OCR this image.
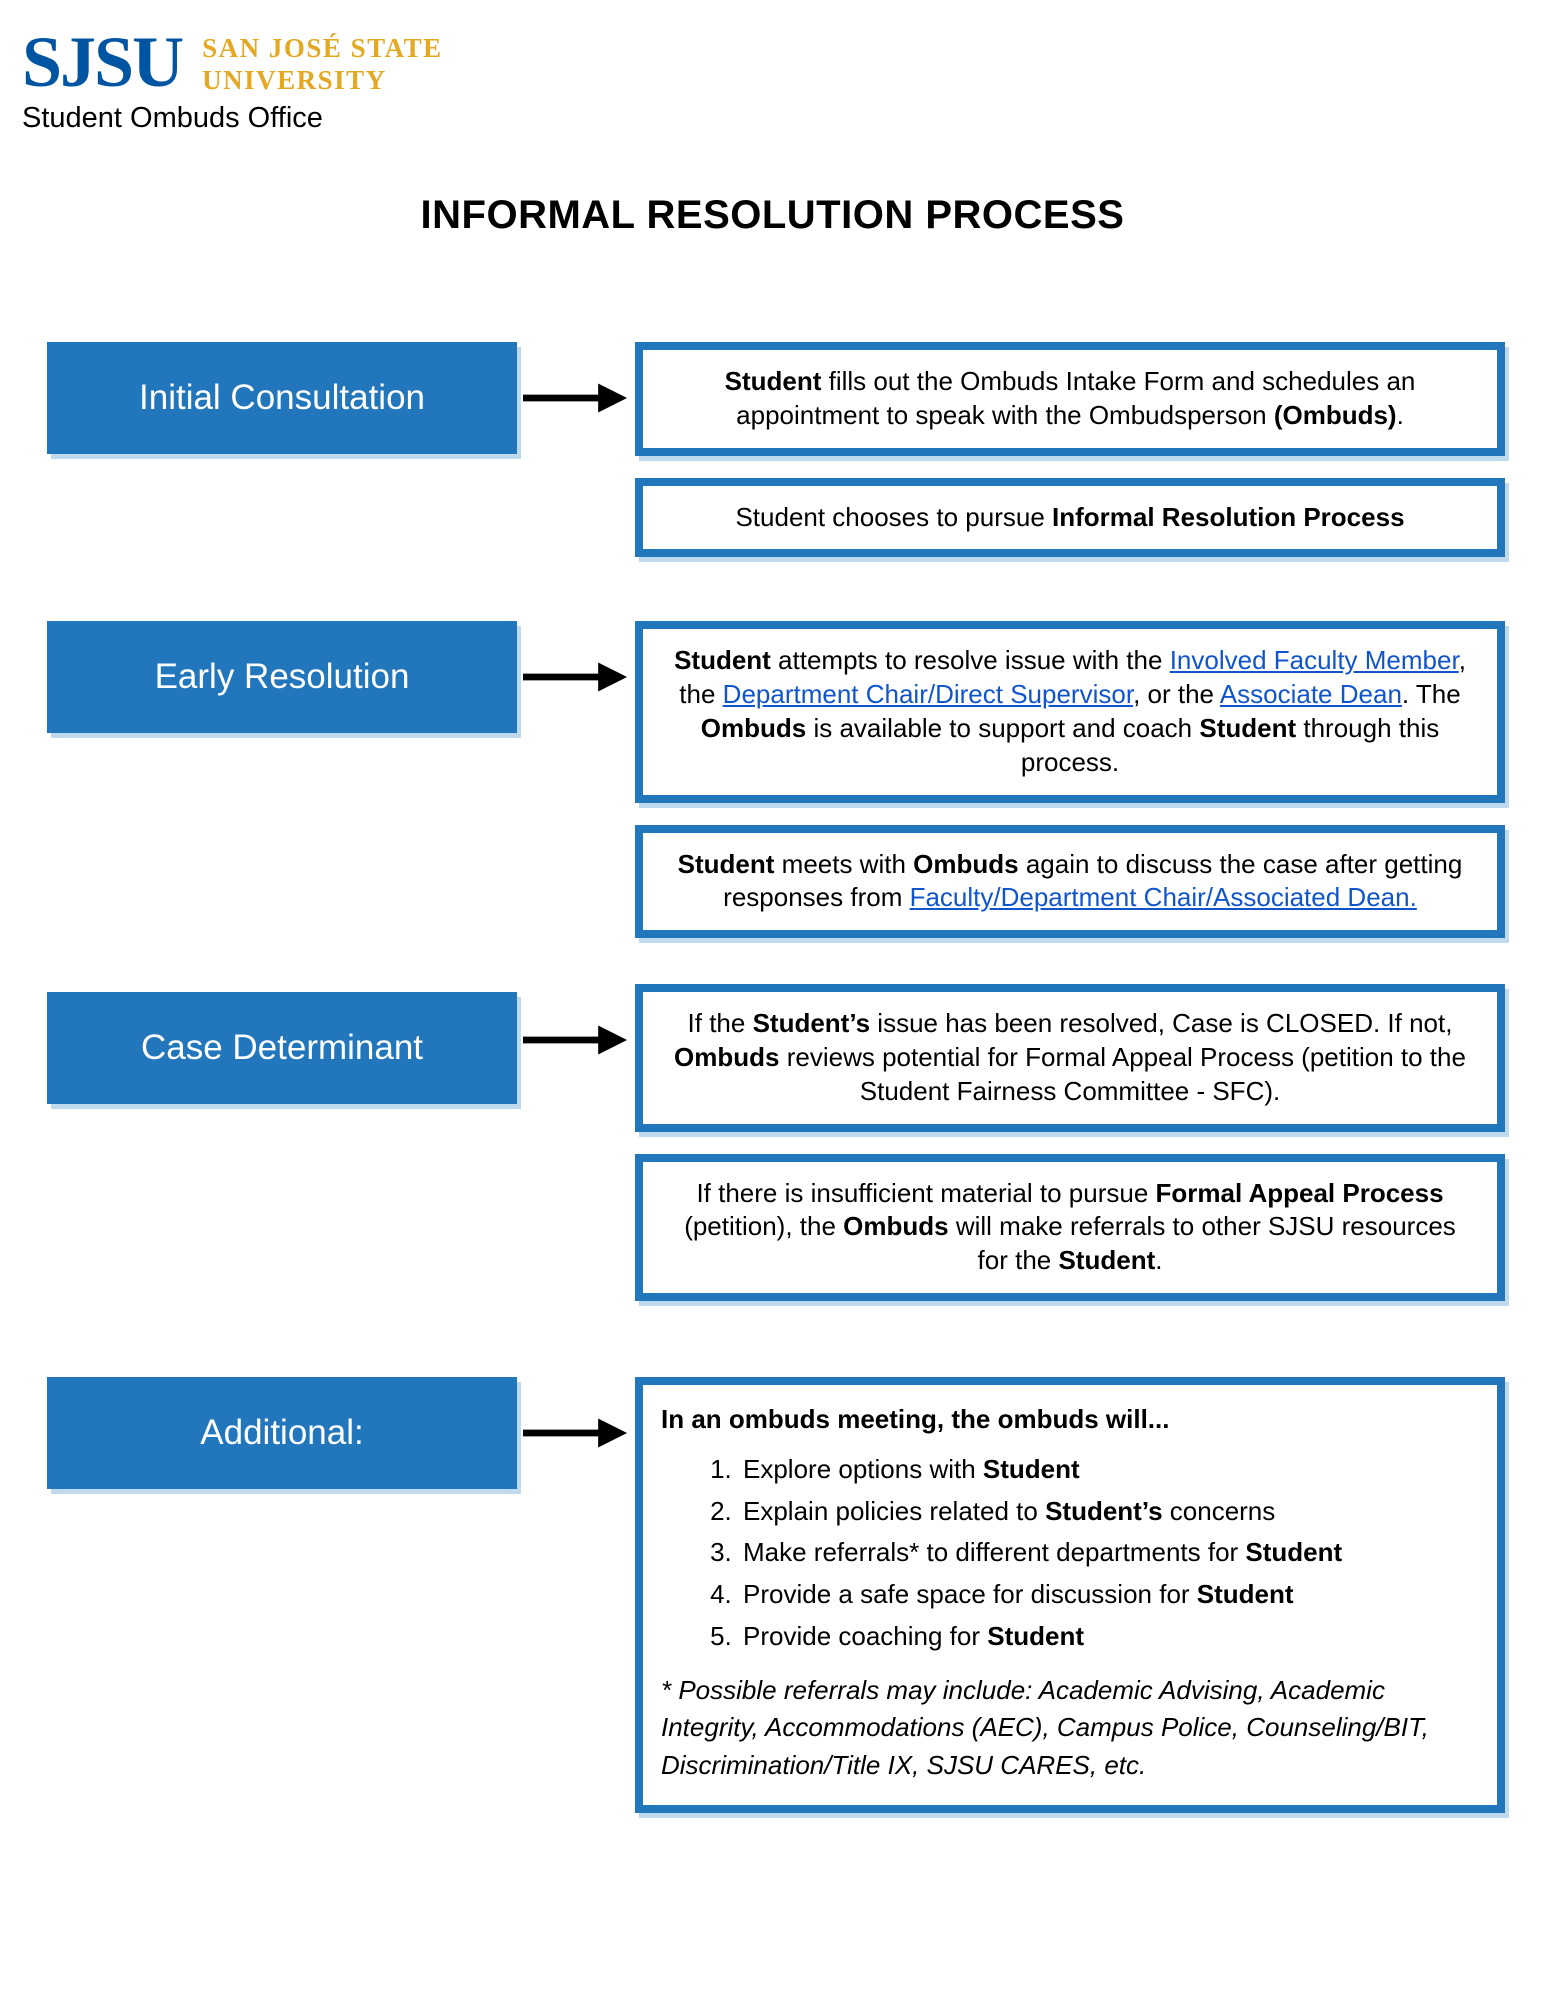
SJSU SAN JOSÉ STATE
UNIVERSITY
Student Ombuds Office
INFORMAL RESOLUTION PROCESS
Initial Consultation	Student fills out the Ombuds Intake Form and schedules an appointment to speak with the Ombudsperson (Ombuds).

Student chooses to pursue Informal Resolution Process

Early Resolution	Student attempts to resolve issue with the Involved Faculty Member, the Department Chair/Direct Supervisor, or the Associate Dean. The Ombuds is available to support and coach Student through this process.

Student meets with Ombuds again to discuss the case after getting responses from Faculty/Department Chair/Associated Dean.

Case Determinant

If the Student’s issue has been resolved, Case is CLOSED. If not, Ombuds reviews potential for Formal Appeal Process (petition to the Student Fairness Committee - SFC).

If there is insufficient material to pursue Formal Appeal Process (petition), the Ombuds will make referrals to other SJSU resources for the Student.

Additional:	In an ombuds meeting, the ombuds will...

1. Explore options with Student
2. Explain policies related to Student’s concerns
3. Make referrals* to different departments for Student
4. Provide a safe space for discussion for Student
5. Provide coaching for Student

* Possible referrals may include: Academic Advising, Academic Integrity, Accommodations (AEC), Campus Police, Counseling/BIT, Discrimination/Title IX, SJSU CARES, etc.
